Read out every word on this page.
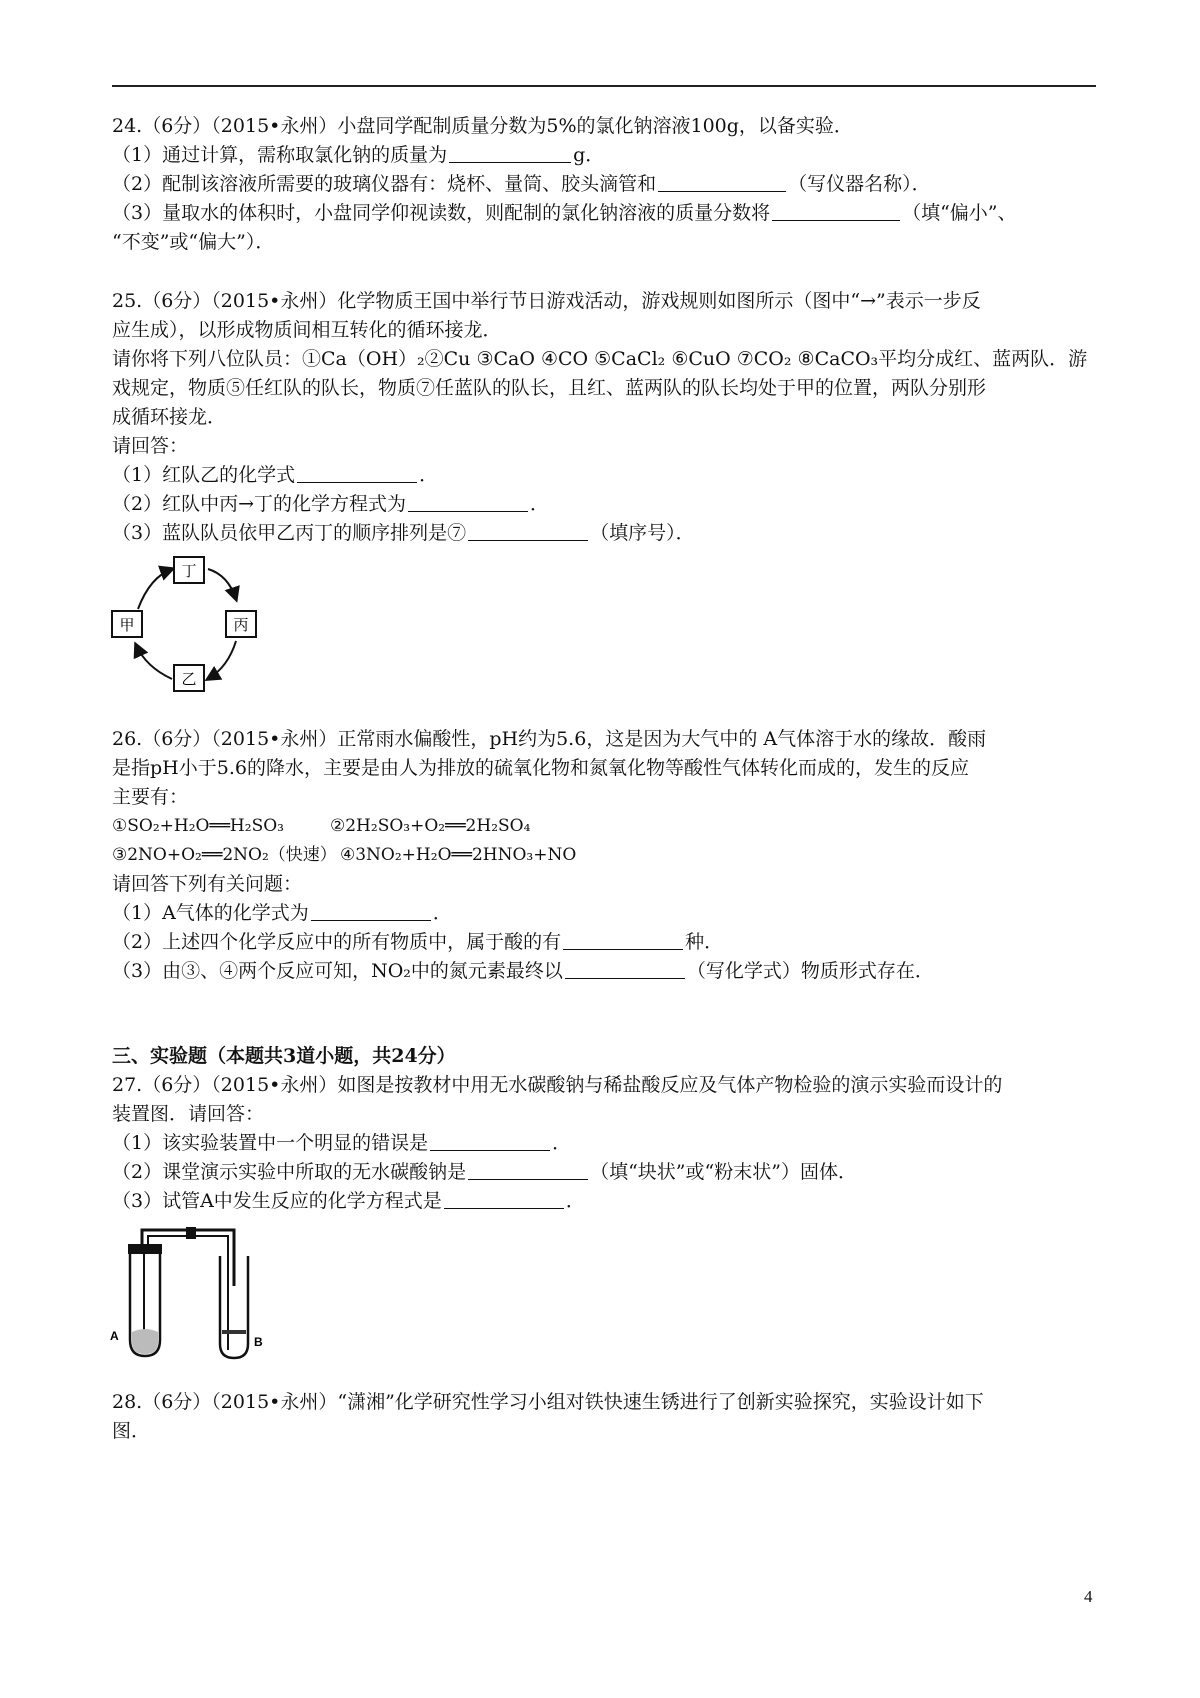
24.（6分）（2015•永州）小盘同学配制质量分数为5%的氯化钠溶液100g，以备实验．
（1）通过计算，需称取氯化钠的质量为	g．
（2）配制该溶液所需要的玻璃仪器有：烧杯、量筒、胶头滴管和	（写仪器名称）．
（3）量取水的体积时，小盘同学仰视读数，则配制的氯化钠溶液的质量分数将	（填“偏小”、
“不变”或“偏大”）．
25.（6分）（2015•永州）化学物质王国中举行节日游戏活动，游戏规则如图所示（图中“→”表示一步反
应生成），以形成物质间相互转化的循环接龙．
请你将下列八位队员：①Ca（OH）₂②Cu ③CaO ④CO ⑤CaCl₂ ⑥CuO ⑦CO₂ ⑧CaCO₃平均分成红、蓝两队．游
戏规定，物质⑤任红队的队长，物质⑦任蓝队的队长，且红、蓝两队的队长均处于甲的位置，两队分别形
成循环接龙．
请回答：
（1）红队乙的化学式	．
（2）红队中丙→丁的化学方程式为	．
（3）蓝队队员依甲乙丙丁的顺序排列是⑦	（填序号）．
丁
甲	丙
乙
26.（6分）（2015•永州）正常雨水偏酸性，pH约为5.6，这是因为大气中的 A气体溶于水的缘故．酸雨
是指pH小于5.6的降水，主要是由人为排放的硫氧化物和氮氧化物等酸性气体转化而成的，发生的反应
主要有：
①SO₂+H₂O══H₂SO₃	②2H₂SO₃+O₂══2H₂SO₄
③2NO+O₂══2NO₂（快速） ④3NO₂+H₂O══2HNO₃+NO
请回答下列有关问题：
（1）A气体的化学式为	．
（2）上述四个化学反应中的所有物质中，属于酸的有	种．
（3）由③、④两个反应可知，NO₂中的氮元素最终以	（写化学式）物质形式存在．
三、实验题（本题共3道小题，共24分）
27.（6分）（2015•永州）如图是按教材中用无水碳酸钠与稀盐酸反应及气体产物检验的演示实验而设计的
装置图．请回答：
（1）该实验装置中一个明显的错误是	．
（2）课堂演示实验中所取的无水碳酸钠是	（填“块状”或“粉末状”）固体．
（3）试管A中发生反应的化学方程式是	．
A	B
28.（6分）（2015•永州）“潇湘”化学研究性学习小组对铁快速生锈进行了创新实验探究，实验设计如下
图．
4
